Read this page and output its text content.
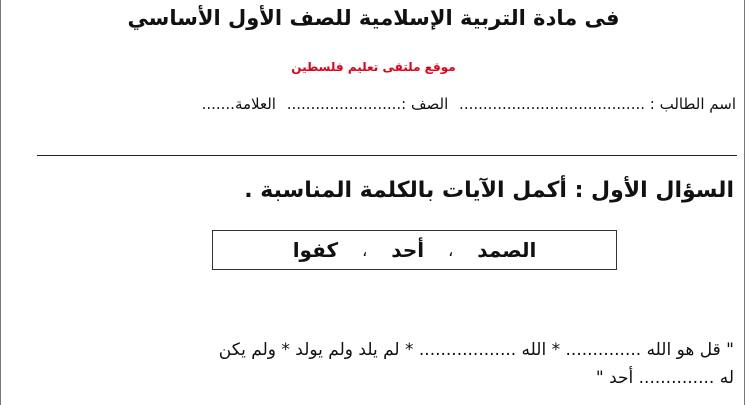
فى مادة التربية الإسلامية للصف الأول الأساسي
موقع ملتقى تعليم فلسطين
اسم الطالب : ....................................... الصف :........................ العلامة.......
السؤال الأول : أكمل الآيات بالكلمة المناسبة .
الصمد
،
أحد
،
كفوا
" قل هو الله .............. * الله .................. * لم يلد ولم يولد * ولم يكن
له .............. أحد "
